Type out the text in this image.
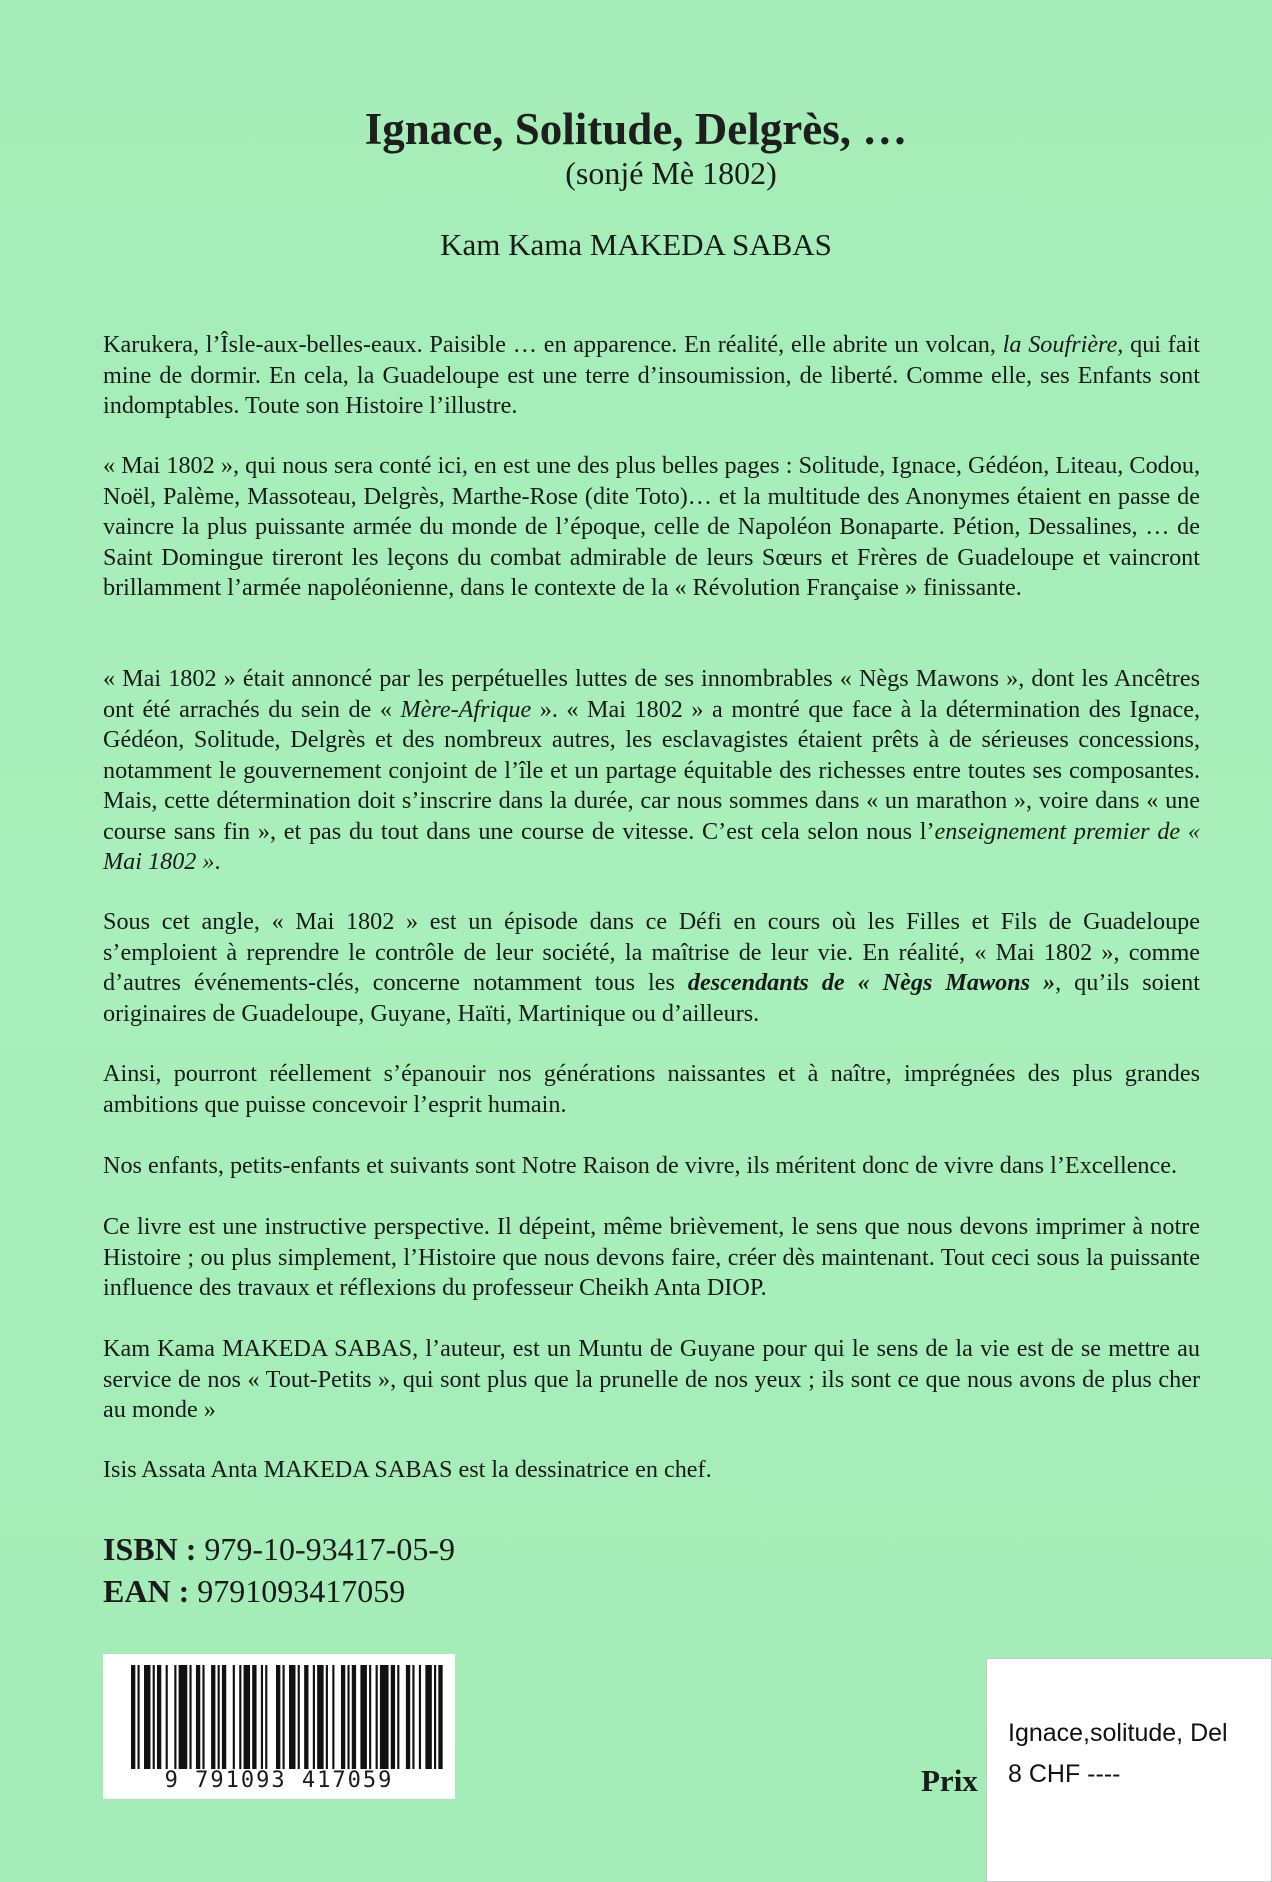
Ignace, Solitude, Delgrès, …
(sonjé Mè 1802)
Kam Kama MAKEDA SABAS

Karukera, l’Îsle-aux-belles-eaux. Paisible … en apparence. En réalité, elle abrite un volcan, la Soufrière, qui fait mine de dormir. En cela, la Guadeloupe est une terre d’insoumission, de liberté. Comme elle, ses Enfants sont indomptables. Toute son Histoire l’illustre.

« Mai 1802 », qui nous sera conté ici, en est une des plus belles pages : Solitude, Ignace, Gédéon, Liteau, Codou, Noël, Palème, Massoteau, Delgrès, Marthe-Rose (dite Toto)… et la multitude des Anonymes étaient en passe de vaincre la plus puissante armée du monde de l’époque, celle de Napoléon Bonaparte. Pétion, Dessalines, … de Saint Domingue tireront les leçons du combat admirable de leurs Sœurs et Frères de Guadeloupe et vaincront brillamment l’armée napoléonienne, dans le contexte de la « Révolution Française » finissante.

« Mai 1802 » était annoncé par les perpétuelles luttes de ses innombrables « Nègs Mawons », dont les Ancêtres ont été arrachés du sein de « Mère-Afrique ». « Mai 1802 » a montré que face à la détermination des Ignace, Gédéon, Solitude, Delgrès et des nombreux autres, les esclavagistes étaient prêts à de sérieuses concessions, notamment le gouvernement conjoint de l’île et un partage équitable des richesses entre toutes ses composantes. Mais, cette détermination doit s’inscrire dans la durée, car nous sommes dans « un marathon », voire dans « une course sans fin », et pas du tout dans une course de vitesse. C’est cela selon nous l’enseignement premier de « Mai 1802 ».

Sous cet angle, « Mai 1802 » est un épisode dans ce Défi en cours où les Filles et Fils de Guadeloupe s’emploient à reprendre le contrôle de leur société, la maîtrise de leur vie. En réalité, « Mai 1802 », comme d’autres événements-clés, concerne notamment tous les descendants de « Nègs Mawons », qu’ils soient originaires de Guadeloupe, Guyane, Haïti, Martinique ou d’ailleurs.

Ainsi, pourront réellement s’épanouir nos générations naissantes et à naître, imprégnées des plus grandes ambitions que puisse concevoir l’esprit humain.

Nos enfants, petits-enfants et suivants sont Notre Raison de vivre, ils méritent donc de vivre dans l’Excellence.

Ce livre est une instructive perspective. Il dépeint, même brièvement, le sens que nous devons imprimer à notre Histoire ; ou plus simplement, l’Histoire que nous devons faire, créer dès maintenant. Tout ceci sous la puissante influence des travaux et réflexions du professeur Cheikh Anta DIOP.

Kam Kama MAKEDA SABAS, l’auteur, est un Muntu de Guyane pour qui le sens de la vie est de se mettre au service de nos « Tout-Petits », qui sont plus que la prunelle de nos yeux ; ils sont ce que nous avons de plus cher au monde »

Isis Assata Anta MAKEDA SABAS est la dessinatrice en chef.

ISBN : 979-10-93417-05-9
EAN : 9791093417059
9 791093 417059	Prix
Ignace,solitude, Del
8 CHF ----
